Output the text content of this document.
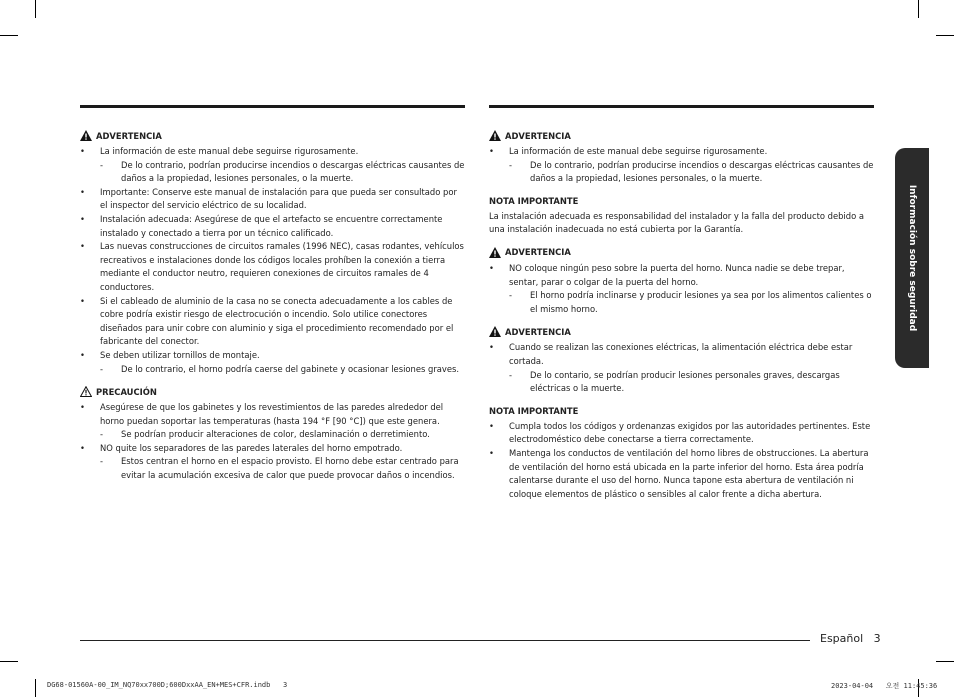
ADVERTENCIA
• La información de este manual debe seguirse rigurosamente.
- De lo contrario, podrían producirse incendios o descargas eléctricas causantes de daños a la propiedad, lesiones personales, o la muerte.
• Importante: Conserve este manual de instalación para que pueda ser consultado por el inspector del servicio eléctrico de su localidad.
• Instalación adecuada: Asegúrese de que el artefacto se encuentre correctamente instalado y conectado a tierra por un técnico calificado.
• Las nuevas construcciones de circuitos ramales (1996 NEC), casas rodantes, vehículos recreativos e instalaciones donde los códigos locales prohíben la conexión a tierra mediante el conductor neutro, requieren conexiones de circuitos ramales de 4 conductores.
• Si el cableado de aluminio de la casa no se conecta adecuadamente a los cables de cobre podría existir riesgo de electrocución o incendio. Solo utilice conectores diseñados para unir cobre con aluminio y siga el procedimiento recomendado por el fabricante del conector.
• Se deben utilizar tornillos de montaje.
- De lo contrario, el horno podría caerse del gabinete y ocasionar lesiones graves.
PRECAUCIÓN
• Asegúrese de que los gabinetes y los revestimientos de las paredes alrededor del horno puedan soportar las temperaturas (hasta 194 °F [90 °C]) que este genera.
- Se podrían producir alteraciones de color, deslaminación o derretimiento.
• NO quite los separadores de las paredes laterales del horno empotrado.
- Estos centran el horno en el espacio provisto. El horno debe estar centrado para evitar la acumulación excesiva de calor que puede provocar daños o incendios.
ADVERTENCIA
• La información de este manual debe seguirse rigurosamente.
- De lo contrario, podrían producirse incendios o descargas eléctricas causantes de daños a la propiedad, lesiones personales, o la muerte.
NOTA IMPORTANTE
La instalación adecuada es responsabilidad del instalador y la falla del producto debido a una instalación inadecuada no está cubierta por la Garantía.
ADVERTENCIA
• NO coloque ningún peso sobre la puerta del horno. Nunca nadie se debe trepar, sentar, parar o colgar de la puerta del horno.
- El horno podría inclinarse y producir lesiones ya sea por los alimentos calientes o el mismo horno.
ADVERTENCIA
• Cuando se realizan las conexiones eléctricas, la alimentación eléctrica debe estar cortada.
- De lo contario, se podrían producir lesiones personales graves, descargas eléctricas o la muerte.
NOTA IMPORTANTE
• Cumpla todos los códigos y ordenanzas exigidos por las autoridades pertinentes. Este electrodoméstico debe conectarse a tierra correctamente.
• Mantenga los conductos de ventilación del horno libres de obstrucciones. La abertura de ventilación del horno está ubicada en la parte inferior del horno. Esta área podría calentarse durante el uso del horno. Nunca tapone esta abertura de ventilación ni coloque elementos de plástico o sensibles al calor frente a dicha abertura.
Información sobre seguridad
Español   3
DG68-01560A-00_IM_NQ70xx700D;600DxxAA_EN+MES+CFR.indb   3	2023-04-04   오전 11:45:36
